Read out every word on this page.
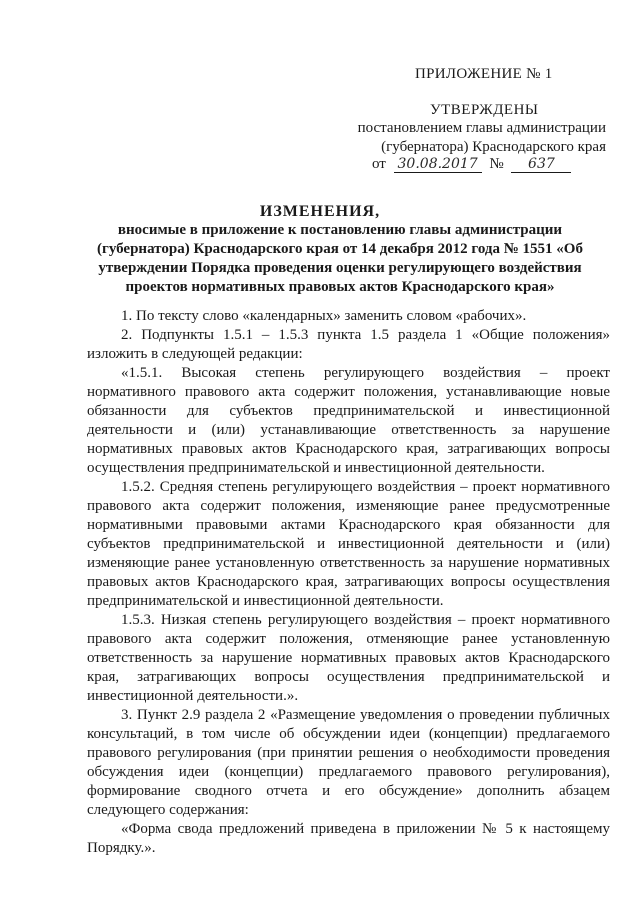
ПРИЛОЖЕНИЕ № 1
УТВЕРЖДЕНЫ
постановлением главы администрации
(губернатора) Краснодарского края
от 30.08.2017 № 637
ИЗМЕНЕНИЯ,
вносимые в приложение к постановлению главы администрации (губернатора) Краснодарского края от 14 декабря 2012 года № 1551 «Об утверждении Порядка проведения оценки регулирующего воздействия проектов нормативных правовых актов Краснодарского края»

1. По тексту слово «календарных» заменить словом «рабочих».

2. Подпункты 1.5.1 – 1.5.3 пункта 1.5 раздела 1 «Общие положения» изложить в следующей редакции:

«1.5.1. Высокая степень регулирующего воздействия – проект нормативного правового акта содержит положения, устанавливающие новые обязанности для субъектов предпринимательской и инвестиционной деятельности и (или) устанавливающие ответственность за нарушение нормативных правовых актов Краснодарского края, затрагивающих вопросы осуществления предпринимательской и инвестиционной деятельности.

1.5.2. Средняя степень регулирующего воздействия – проект нормативного правового акта содержит положения, изменяющие ранее предусмотренные нормативными правовыми актами Краснодарского края обязанности для субъектов предпринимательской и инвестиционной деятельности и (или) изменяющие ранее установленную ответственность за нарушение нормативных правовых актов Краснодарского края, затрагивающих вопросы осуществления предпринимательской и инвестиционной деятельности.

1.5.3. Низкая степень регулирующего воздействия – проект нормативного правового акта содержит положения, отменяющие ранее установленную ответственность за нарушение нормативных правовых актов Краснодарского края, затрагивающих вопросы осуществления предпринимательской и инвестиционной деятельности.».

3. Пункт 2.9 раздела 2 «Размещение уведомления о проведении публичных консультаций, в том числе об обсуждении идеи (концепции) предлагаемого правового регулирования (при принятии решения о необходимости проведения обсуждения идеи (концепции) предлагаемого правового регулирования), формирование сводного отчета и его обсуждение» дополнить абзацем следующего содержания:

«Форма свода предложений приведена в приложении № 5 к настоящему Порядку.».
